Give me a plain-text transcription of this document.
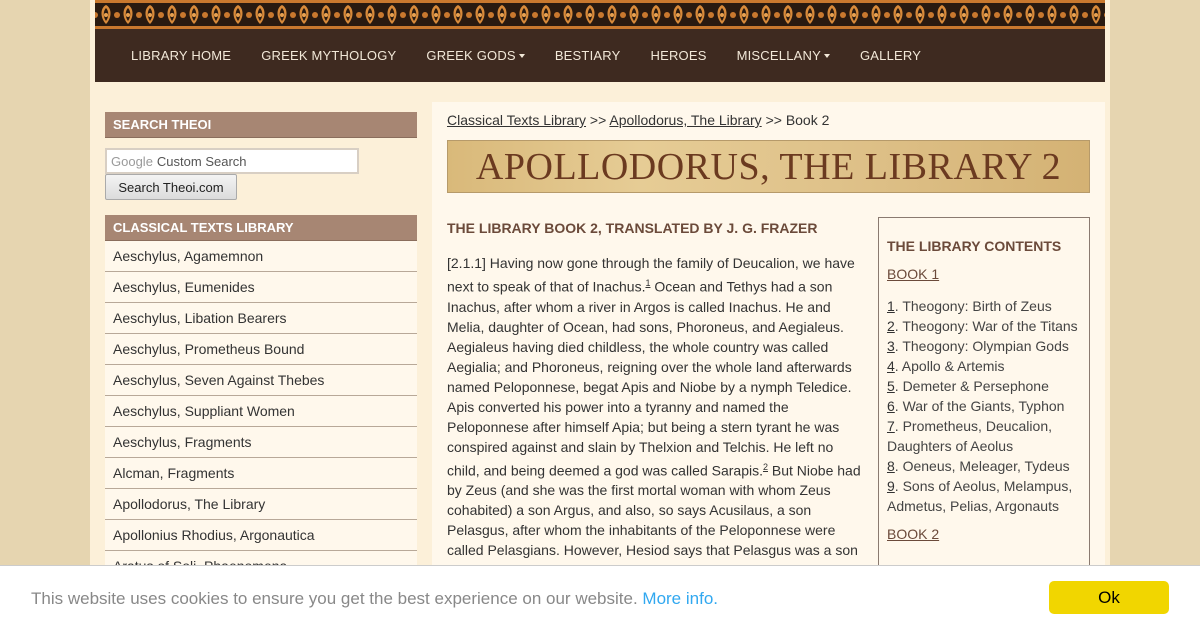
LIBRARY HOME GREEK MYTHOLOGY GREEK GODS	BESTIARY HEROES MISCELLANY	GALLERY
SEARCH THEOI
Google Custom Search
Search Theoi.com
CLASSICAL TEXTS LIBRARY
Aeschylus, Agamemnon
Aeschylus, Eumenides
Aeschylus, Libation Bearers
Aeschylus, Prometheus Bound
Aeschylus, Seven Against Thebes
Aeschylus, Suppliant Women
Aeschylus, Fragments
Alcman, Fragments
Apollodorus, The Library
Apollonius Rhodius, Argonautica
Classical Texts Library >> Apollodorus, The Library >> Book 2
APOLLODORUS, THE LIBRARY 2
THE LIBRARY BOOK 2, TRANSLATED BY J. G. FRAZER

[2.1.1] Having now gone through the family of Deucalion, we have next to speak of that of Inachus.$^1$ Ocean and Tethys had a son Inachus, after whom a river in Argos is called Inachus. He and Melia, daughter of Ocean, had sons, Phoroneus, and Aegialeus. Aegialeus having died childless, the whole country was called Aegialia; and Phoroneus, reigning over the whole land afterwards named Peloponnese, begat Apis and Niobe by a nymph Teledice. Apis converted his power into a tyranny and named the Peloponnese after himself Apia; but being a stern tyrant he was conspired against and slain by Thelxion and Telchis. He left no child, and being deemed a god was called Sarapis.$^2$ But Niobe had by Zeus (and she was the first mortal woman with whom Zeus cohabited) a son Argus, and also, so says Acusilaus, a son Pelasgus, after whom the inhabitants of the Peloponnese were called Pelasgians. However, Hesiod says that Pelasgus was a son

THE LIBRARY CONTENTS
BOOK 1
1. Theogony: Birth of Zeus
2. Theogony: War of the Titans
3. Theogony: Olympian Gods
4. Apollo & Artemis
5. Demeter & Persephone
6. War of the Giants, Typhon
7. Prometheus, Deucalion, Daughters of Aeolus
8. Oeneus, Meleager, Tydeus
9. Sons of Aeolus, Melampus, Admetus, Pelias, Argonauts
BOOK 2
This website uses cookies to ensure you get the best experience on our website. More info.	Ok
